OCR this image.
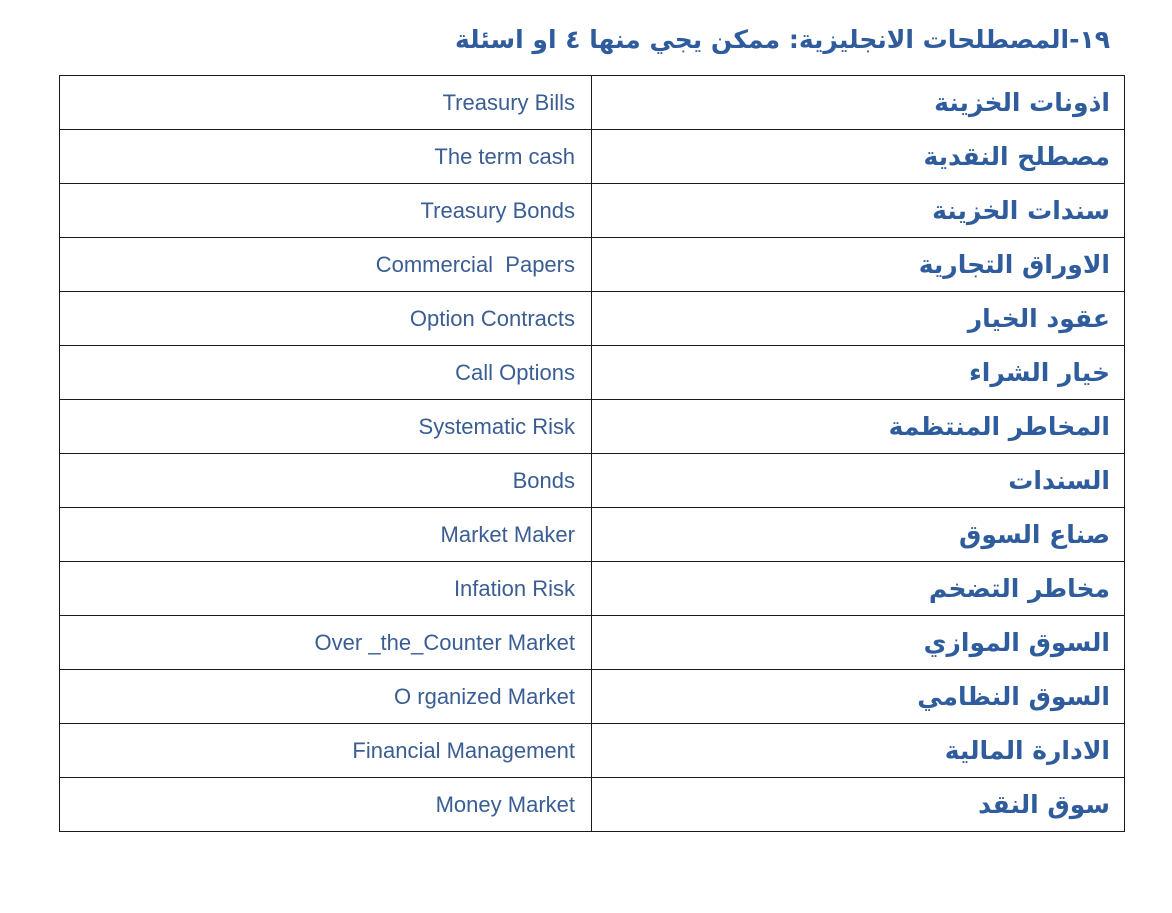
١٩-المصطلحات الانجليزية: ممكن يجي منها ٤ او اسئلة
Treasury Bills	اذونات الخزينة
The term cash	مصطلح النقدية
Treasury Bonds	سندات الخزينة
Commercial  Papers	الاوراق التجارية
Option Contracts	عقود الخيار
Call Options	خيار الشراء
Systematic Risk	المخاطر المنتظمة
Bonds	السندات
Market Maker	صناع السوق
Infation Risk	مخاطر التضخم
Over _the_Counter Market	السوق الموازي
O rganized Market	السوق النظامي
Financial Management	الادارة المالية
Money Market	سوق النقد
